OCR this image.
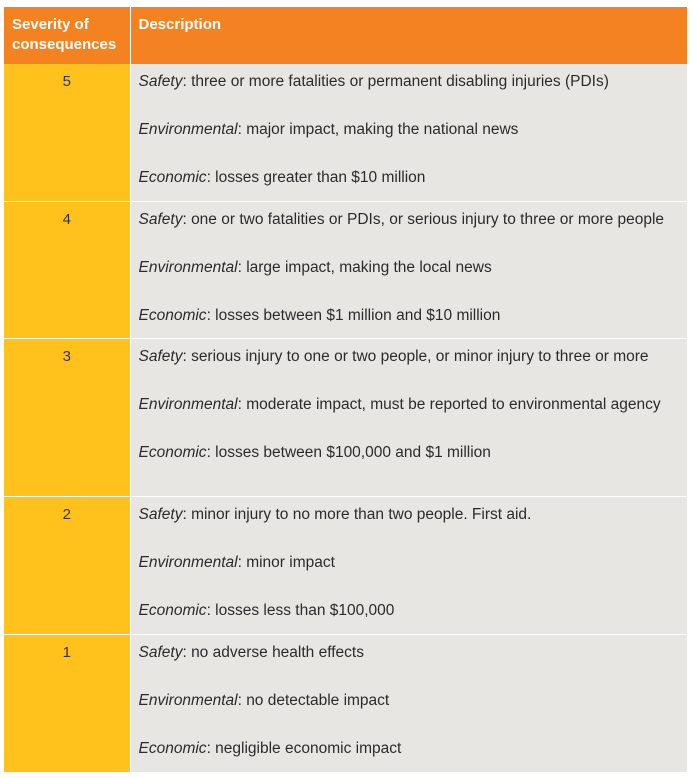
Severity of consequences	Description
5	Safety: three or more fatalities or permanent disabling injuries (PDIs)
Environmental: major impact, making the national news
Economic: losses greater than $10 million

4	Safety: one or two fatalities or PDIs, or serious injury to three or more people
Environmental: large impact, making the local news
Economic: losses between $1 million and $10 million

3	Safety: serious injury to one or two people, or minor injury to three or more
Environmental: moderate impact, must be reported to environmental agency
Economic: losses between $100,000 and $1 million

2	Safety: minor injury to no more than two people. First aid.
Environmental: minor impact
Economic: losses less than $100,000

1	Safety: no adverse health effects
Environmental: no detectable impact
Economic: negligible economic impact
